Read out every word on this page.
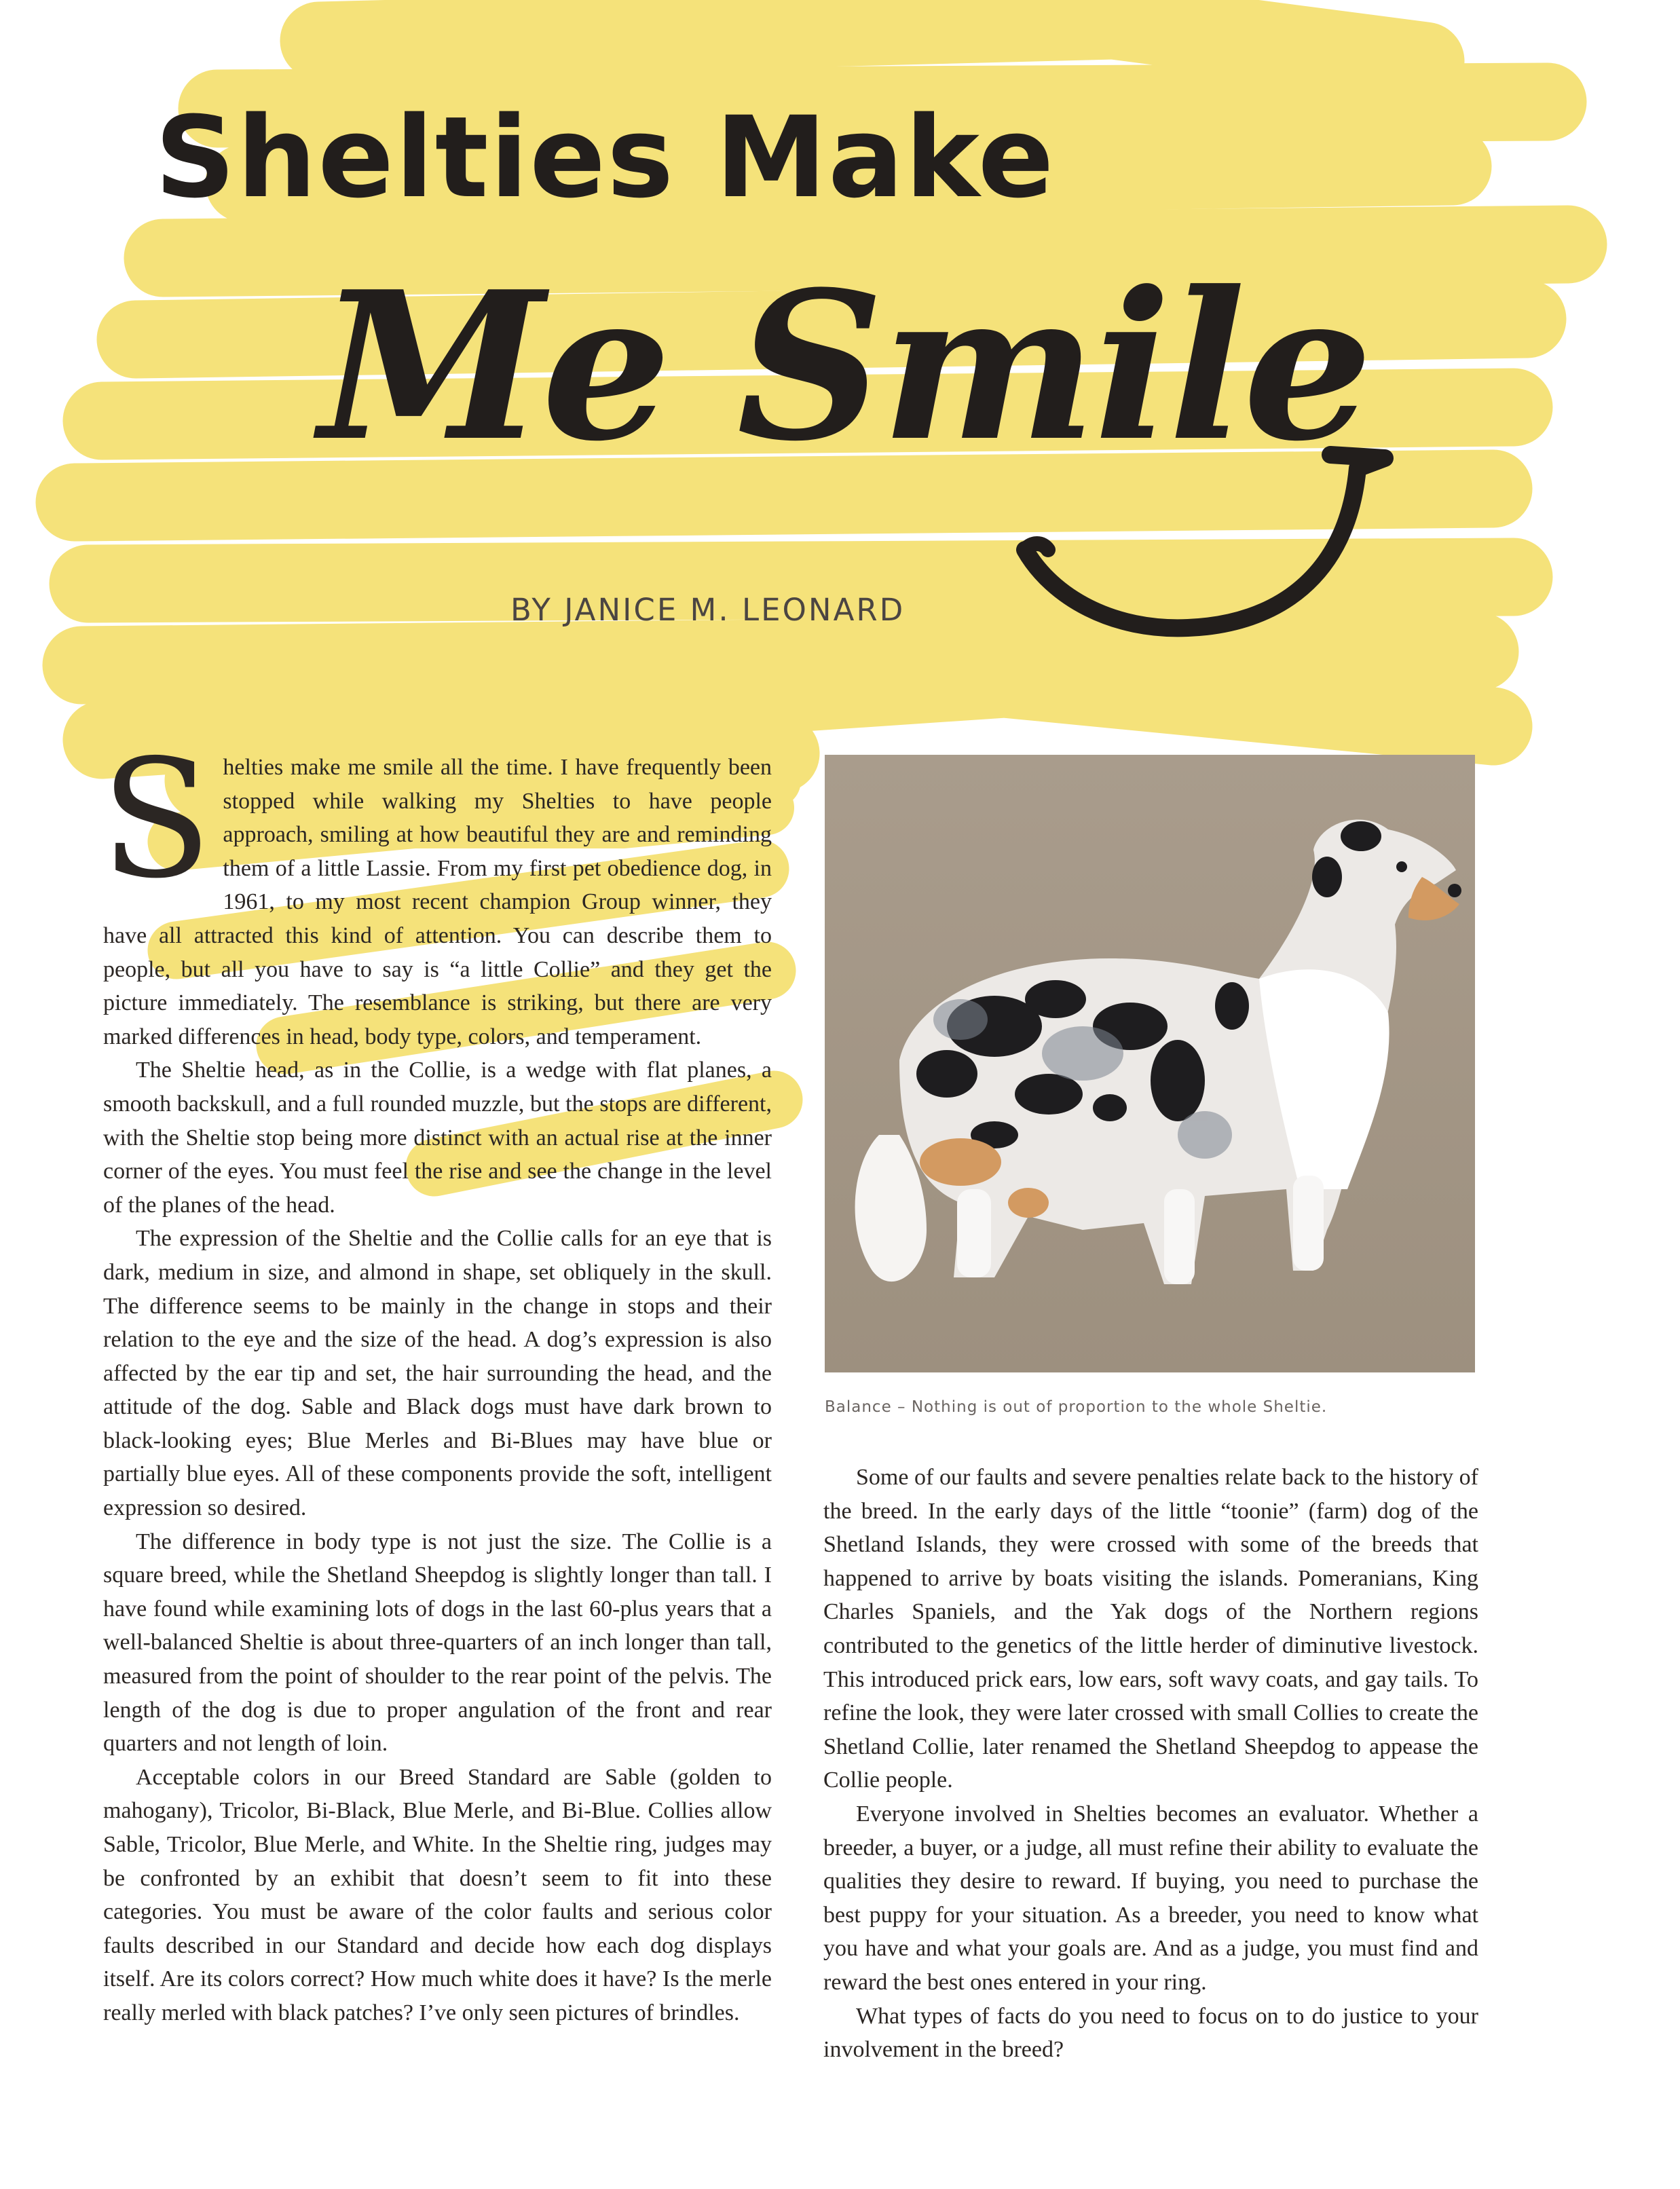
Shelties Make
Me Smile
BY JANICE M. LEONARD

Shelties make me smile all the time. I have frequently been stopped while walking my Shelties to have people approach, smiling at how beautiful they are and reminding them of a little Lassie. From my first pet obedience dog, in 1961, to my most recent champion Group winner, they have all attracted this kind of attention. You can describe them to people, but all you have to say is “a little Collie” and they get the picture immediately. The resemblance is striking, but there are very marked differences in head, body type, colors, and temperament.

The Sheltie head, as in the Collie, is a wedge with flat planes, a smooth backskull, and a full rounded muzzle, but the stops are different, with the Sheltie stop being more distinct with an actual rise at the inner corner of the eyes. You must feel the rise and see the change in the level of the planes of the head.

The expression of the Sheltie and the Collie calls for an eye that is dark, medium in size, and almond in shape, set obliquely in the skull. The difference seems to be mainly in the change in stops and their relation to the eye and the size of the head. A dog’s expression is also affected by the ear tip and set, the hair surrounding the head, and the attitude of the dog. Sable and Black dogs must have dark brown to black-looking eyes; Blue Merles and Bi-Blues may have blue or partially blue eyes. All of these components provide the soft, intelligent expression so desired.

The difference in body type is not just the size. The Collie is a square breed, while the Shetland Sheepdog is slightly longer than tall. I have found while examining lots of dogs in the last 60-plus years that a well-balanced Sheltie is about three-quarters of an inch longer than tall, measured from the point of shoulder to the rear point of the pelvis. The length of the dog is due to proper angulation of the front and rear quarters and not length of loin.

Acceptable colors in our Breed Standard are Sable (golden to mahogany), Tricolor, Bi-Black, Blue Merle, and Bi-Blue. Collies allow Sable, Tricolor, Blue Merle, and White. In the Sheltie ring, judges may be confronted by an exhibit that doesn’t seem to fit into these categories. You must be aware of the color faults and serious color faults described in our Standard and decide how each dog displays itself. Are its colors correct? How much white does it have? Is the merle really merled with black patches? I’ve only seen pictures of brindles.

Balance – Nothing is out of proportion to the whole Sheltie.

Some of our faults and severe penalties relate back to the history of the breed. In the early days of the little “toonie” (farm) dog of the Shetland Islands, they were crossed with some of the breeds that happened to arrive by boats visiting the islands. Pomeranians, King Charles Spaniels, and the Yak dogs of the Northern regions contributed to the genetics of the little herder of diminutive livestock. This introduced prick ears, low ears, soft wavy coats, and gay tails. To refine the look, they were later crossed with small Collies to create the Shetland Collie, later renamed the Shetland Sheepdog to appease the Collie people.

Everyone involved in Shelties becomes an evaluator. Whether a breeder, a buyer, or a judge, all must refine their ability to evaluate the qualities they desire to reward. If buying, you need to purchase the best puppy for your situation. As a breeder, you need to know what you have and what your goals are. And as a judge, you must find and reward the best ones entered in your ring.

What types of facts do you need to focus on to do justice to your involvement in the breed?
